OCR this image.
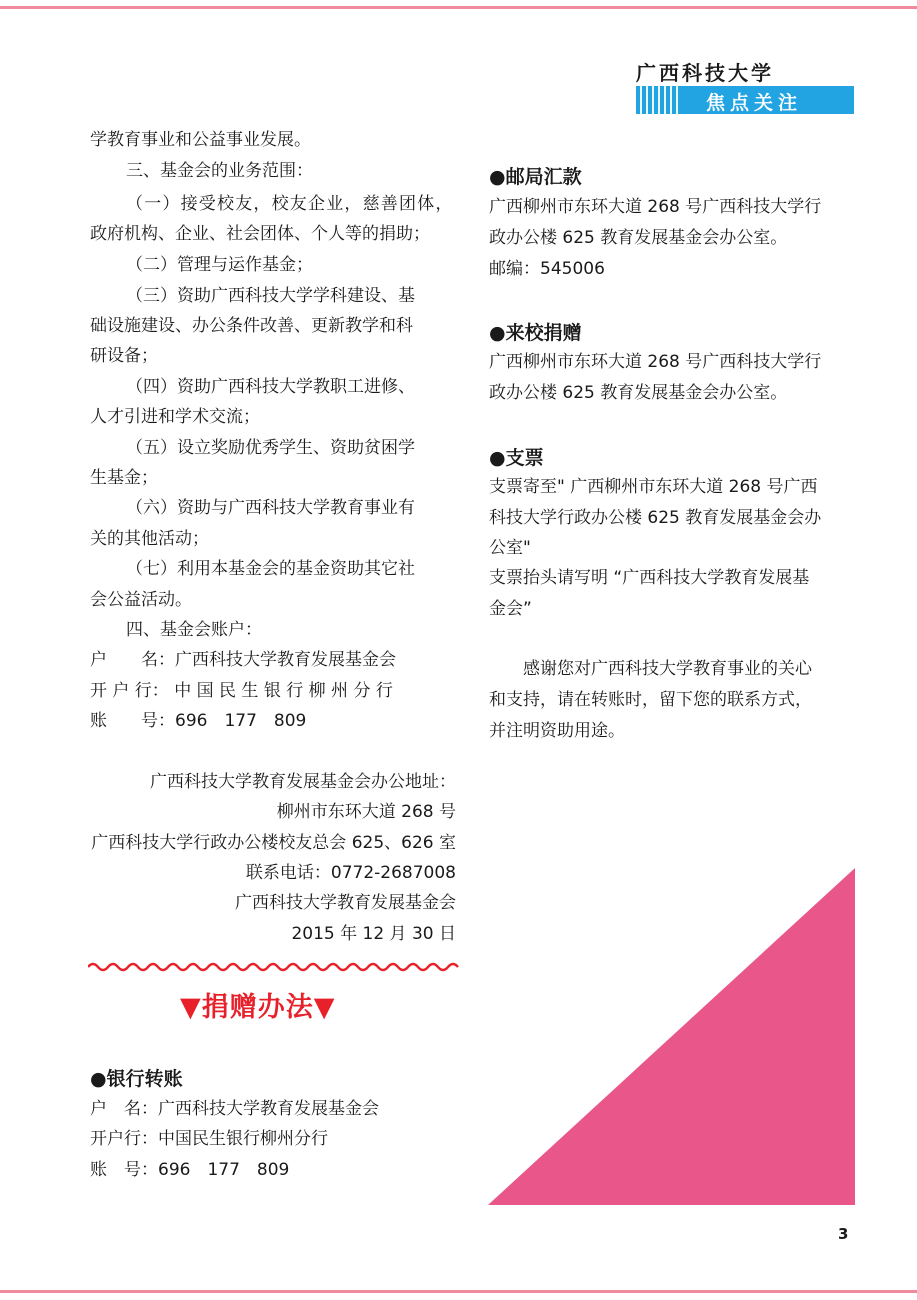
广西科技大学
焦点关注
学教育事业和公益事业发展。
三、基金会的业务范围：
（一）接受校友，校友企业，慈善团体，
政府机构、企业、社会团体、个人等的捐助；
（二）管理与运作基金；
（三）资助广西科技大学学科建设、基
础设施建设、办公条件改善、更新教学和科
研设备；
（四）资助广西科技大学教职工进修、
人才引进和学术交流；
（五）设立奖励优秀学生、资助贫困学
生基金；
（六）资助与广西科技大学教育事业有
关的其他活动；
（七）利用本基金会的基金资助其它社
会公益活动。
四、基金会账户：
户　　名：广西科技大学教育发展基金会
开 户 行： 中 国 民 生 银 行 柳 州 分 行
账　　号：696　177　809
广西科技大学教育发展基金会办公地址：
柳州市东环大道 268 号
广西科技大学行政办公楼校友总会 625、626 室
联系电话：0772-2687008
广西科技大学教育发展基金会
2015 年 12 月 30 日
▼捐赠办法▼
●银行转账
户　名：广西科技大学教育发展基金会
开户行：中国民生银行柳州分行
账　号：696　177　809
●邮局汇款
广西柳州市东环大道 268 号广西科技大学行
政办公楼 625 教育发展基金会办公室。
邮编：545006
●来校捐赠
广西柳州市东环大道 268 号广西科技大学行
政办公楼 625 教育发展基金会办公室。
●支票
支票寄至" 广西柳州市东环大道 268 号广西
科技大学行政办公楼 625 教育发展基金会办
公室"
支票抬头请写明 “广西科技大学教育发展基
金会”
　　感谢您对广西科技大学教育事业的关心
和支持，请在转账时，留下您的联系方式，
并注明资助用途。
3
